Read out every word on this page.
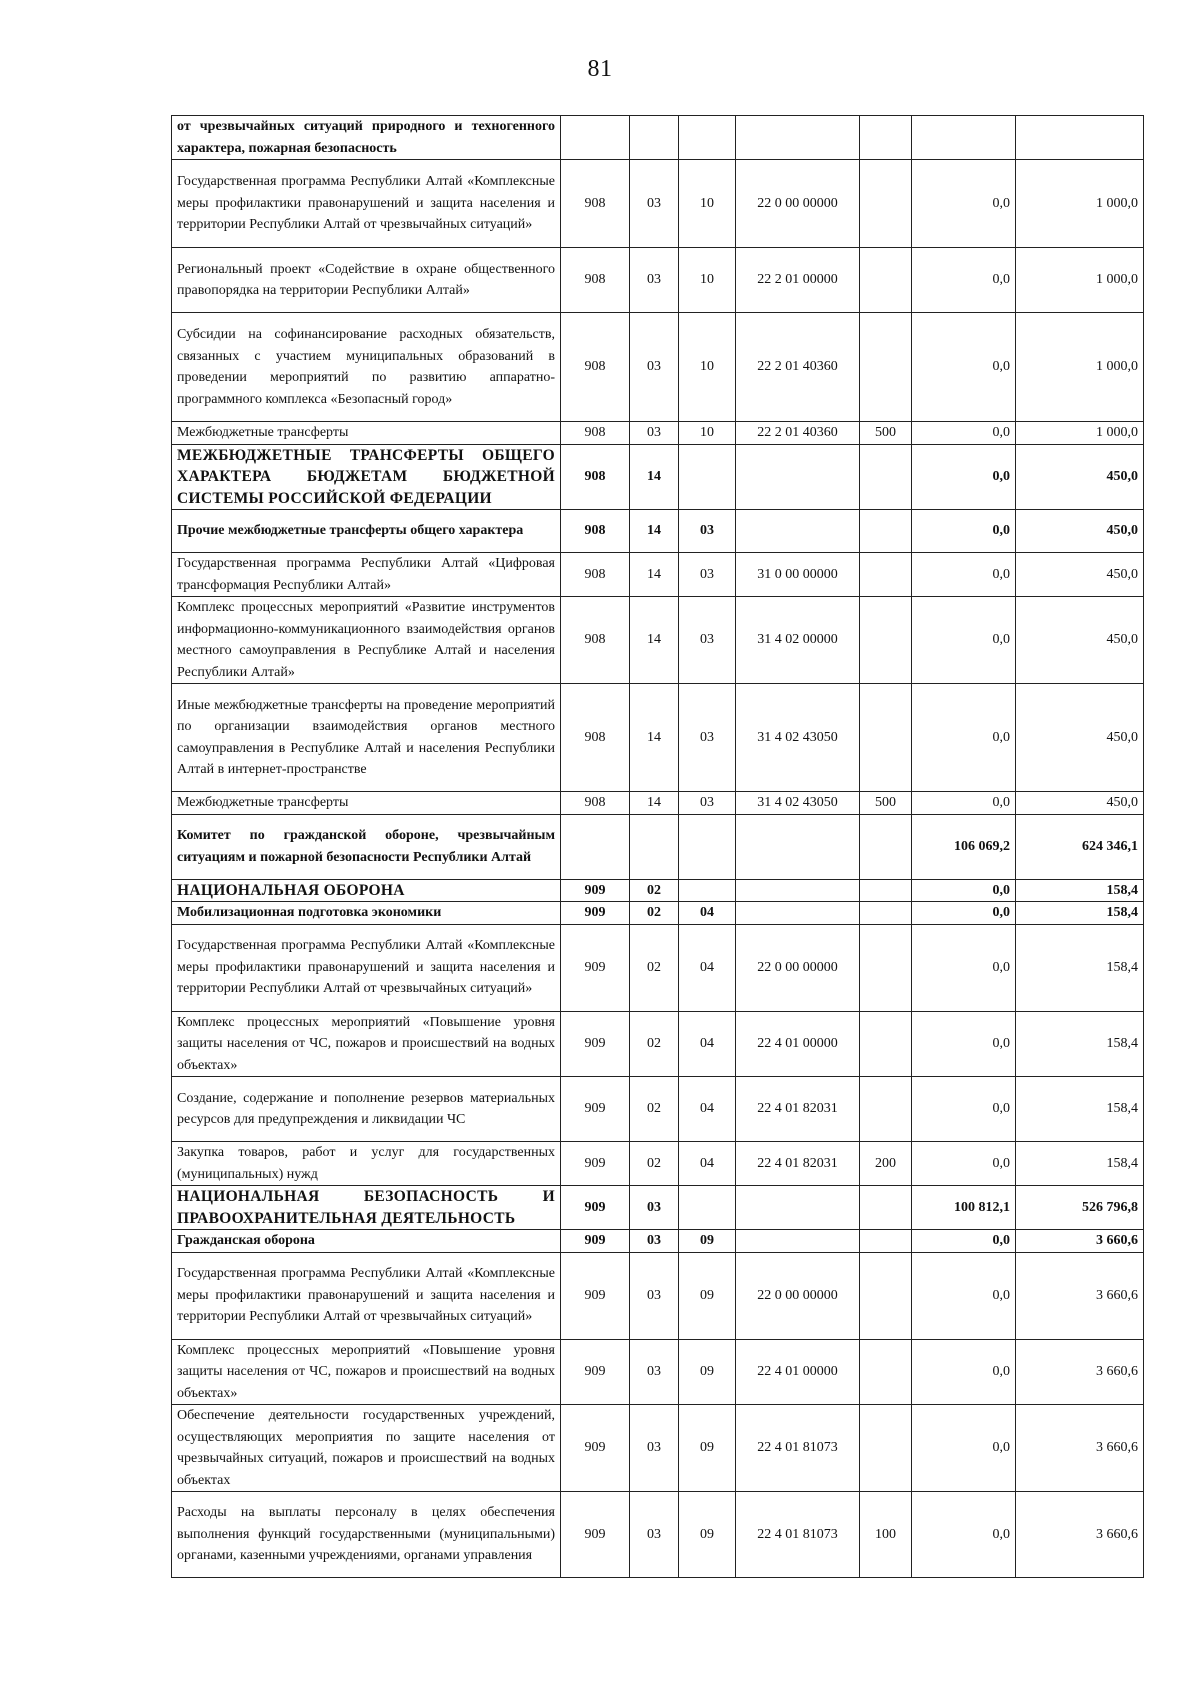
81
от чрезвычайных ситуаций природного и техногенного характера, пожарная безопасность							
Государственная программа Республики Алтай «Комплексные меры профилактики правонарушений и защита населения и территории Республики Алтай от чрезвычайных ситуаций»	908	03	10	22 0 00 00000		0,0	1 000,0
Региональный проект «Содействие в охране общественного правопорядка на территории Республики Алтай»	908	03	10	22 2 01 00000		0,0	1 000,0
Субсидии на софинансирование расходных обязательств, связанных с участием муниципальных образований в проведении мероприятий по развитию аппаратно-программного комплекса «Безопасный город»	908	03	10	22 2 01 40360		0,0	1 000,0
Межбюджетные трансферты	908	03	10	22 2 01 40360	500	0,0	1 000,0
МЕЖБЮДЖЕТНЫЕ ТРАНСФЕРТЫ ОБЩЕГО ХАРАКТЕРА БЮДЖЕТАМ БЮДЖЕТНОЙ СИСТЕМЫ РОССИЙСКОЙ ФЕДЕРАЦИИ	908	14				0,0	450,0
Прочие межбюджетные трансферты общего характера	908	14	03			0,0	450,0
Государственная программа Республики Алтай «Цифровая трансформация Республики Алтай»	908	14	03	31 0 00 00000		0,0	450,0
Комплекс процессных мероприятий «Развитие инструментов информационно-коммуникационного взаимодействия органов местного самоуправления в Республике Алтай и населения Республики Алтай»	908	14	03	31 4 02 00000		0,0	450,0
Иные межбюджетные трансферты на проведение мероприятий по организации взаимодействия органов местного самоуправления в Республике Алтай и населения Республики Алтай в интернет-пространстве	908	14	03	31 4 02 43050		0,0	450,0
Межбюджетные трансферты	908	14	03	31 4 02 43050	500	0,0	450,0
Комитет по гражданской обороне, чрезвычайным ситуациям и пожарной безопасности Республики Алтай						106 069,2	624 346,1
НАЦИОНАЛЬНАЯ ОБОРОНА	909	02				0,0	158,4
Мобилизационная подготовка экономики	909	02	04			0,0	158,4
Государственная программа Республики Алтай «Комплексные меры профилактики правонарушений и защита населения и территории Республики Алтай от чрезвычайных ситуаций»	909	02	04	22 0 00 00000		0,0	158,4
Комплекс процессных мероприятий «Повышение уровня защиты населения от ЧС, пожаров и происшествий на водных объектах»	909	02	04	22 4 01 00000		0,0	158,4
Создание, содержание и пополнение резервов материальных ресурсов для предупреждения и ликвидации ЧС	909	02	04	22 4 01 82031		0,0	158,4
Закупка товаров, работ и услуг для государственных (муниципальных) нужд	909	02	04	22 4 01 82031	200	0,0	158,4
НАЦИОНАЛЬНАЯ БЕЗОПАСНОСТЬ И ПРАВООХРАНИТЕЛЬНАЯ ДЕЯТЕЛЬНОСТЬ	909	03				100 812,1	526 796,8
Гражданская оборона	909	03	09			0,0	3 660,6
Государственная программа Республики Алтай «Комплексные меры профилактики правонарушений и защита населения и территории Республики Алтай от чрезвычайных ситуаций»	909	03	09	22 0 00 00000		0,0	3 660,6
Комплекс процессных мероприятий «Повышение уровня защиты населения от ЧС, пожаров и происшествий на водных объектах»	909	03	09	22 4 01 00000		0,0	3 660,6
Обеспечение деятельности государственных учреждений, осуществляющих мероприятия по защите населения от чрезвычайных ситуаций, пожаров и происшествий на водных объектах	909	03	09	22 4 01 81073		0,0	3 660,6
Расходы на выплаты персоналу в целях обеспечения выполнения функций государственными (муниципальными) органами, казенными учреждениями, органами управления	909	03	09	22 4 01 81073	100	0,0	3 660,6
